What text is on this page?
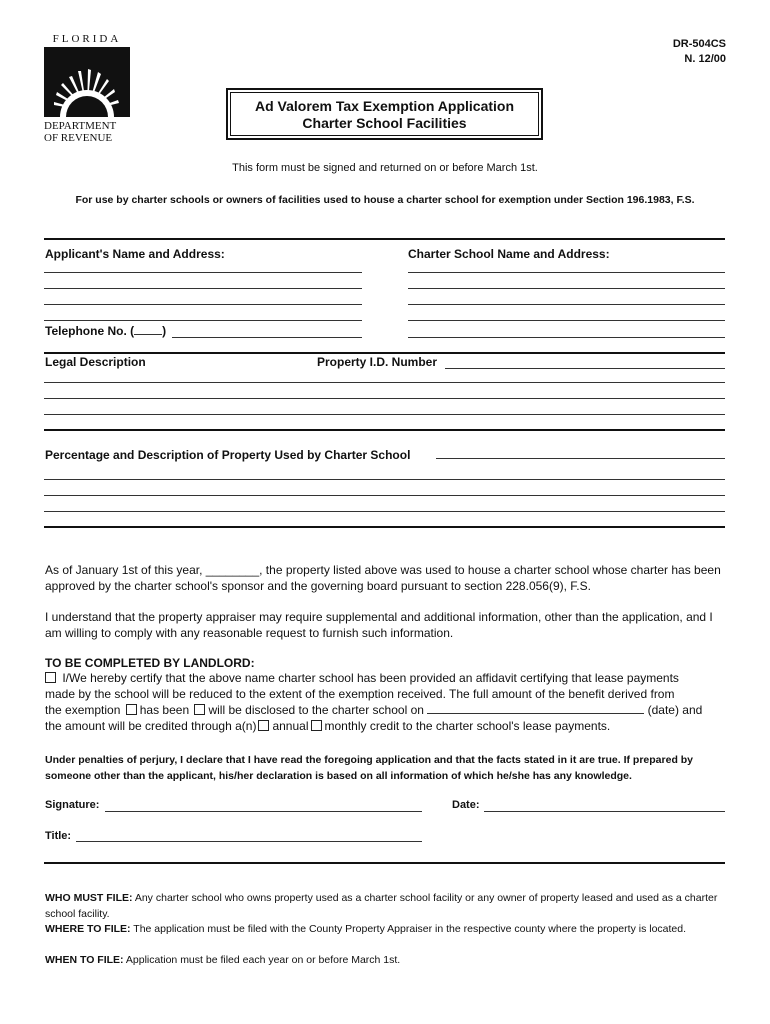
FLORIDA
DEPARTMENT
OF REVENUE
DR-504CS
N. 12/00
Ad Valorem Tax Exemption Application
Charter School Facilities
This form must be signed and returned on or before March 1st.
For use by charter schools or owners of facilities used to house a charter school for exemption under Section 196.1983, F.S.
Applicant's Name and Address:	Charter School Name and Address:
Telephone No. ( )
Legal Description	Property I.D. Number
Percentage and Description of Property Used by Charter School
As of January 1st of this year, ________, the property listed above was used to house a charter school whose charter has been approved by the charter school's sponsor and the governing board pursuant to section 228.056(9), F.S.
I understand that the property appraiser may require supplemental and additional information, other than the application, and I am willing to comply with any reasonable request to furnish such information.
TO BE COMPLETED BY LANDLORD:
I/We hereby certify that the above name charter school has been provided an affidavit certifying that lease payments
made by the school will be reduced to the extent of the exemption received. The full amount of the benefit derived from
the exemption has been will be disclosed to the charter school on	(date) and
the amount will be credited through a(n) annual monthly credit to the charter school's lease payments.
Under penalties of perjury, I declare that I have read the foregoing application and that the facts stated in it are true. If prepared by someone other than the applicant, his/her declaration is based on all information of which he/she has any knowledge.
Signature:	Date:
Title:
WHO MUST FILE: Any charter school who owns property used as a charter school facility or any owner of property leased and used as a charter school facility.
WHERE TO FILE: The application must be filed with the County Property Appraiser in the respective county where the property is located.
WHEN TO FILE: Application must be filed each year on or before March 1st.
